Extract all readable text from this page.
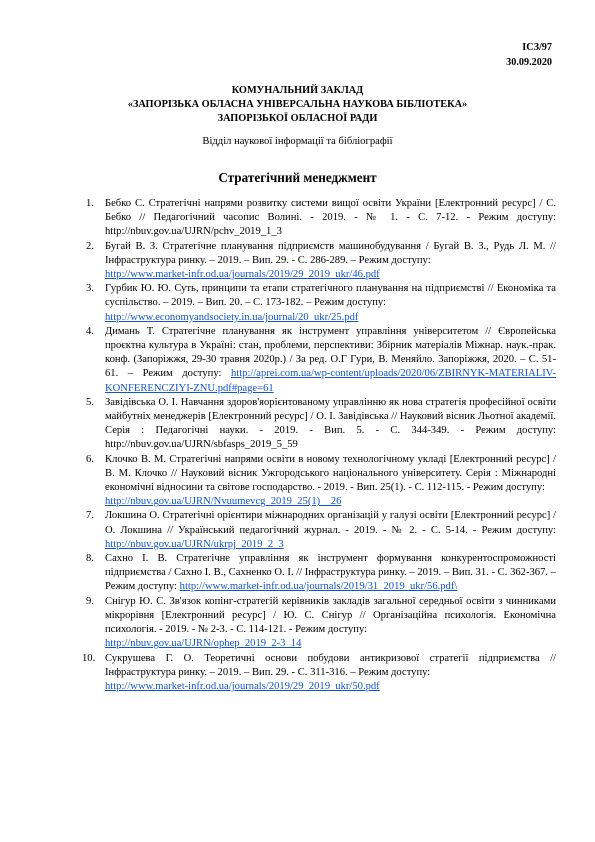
ІСЗ/97
30.09.2020
КОМУНАЛЬНИЙ ЗАКЛАД
«ЗАПОРІЗЬКА ОБЛАСНА УНІВЕРСАЛЬНА НАУКОВА БІБЛІОТЕКА»
ЗАПОРІЗЬКОЇ ОБЛАСНОЇ РАДИ
Відділ наукової інформації та бібліографії
Стратегічний менеджмент
1.	Бебко С. Стратегічні напрями розвитку системи вищої освіти України [Електронний ресурс] / С. Бебко // Педагогічний часопис Волині. - 2019. - № 1. - С. 7-12. - Режим доступу: http://nbuv.gov.ua/UJRN/pchv_2019_1_3
2.	Бугай В. З. Стратегічне планування підприємств машинобудування / Бугай В. З., Рудь Л. М. // Інфраструктура ринку. – 2019. – Вип. 29. - С. 286-289. – Режим доступу:
http://www.market-infr.od.ua/journals/2019/29_2019_ukr/46.pdf
3.	Гурбик Ю. Ю. Суть, принципи та етапи стратегічного планування на підприємстві // Економіка та суспільство. – 2019. – Вип. 20. – С. 173-182. – Режим доступу:
http://www.economyandsociety.in.ua/journal/20_ukr/25.pdf
4.	Димань Т. Стратегічне планування як інструмент управління університетом // Європейська проєктна культура в Україні: стан, проблеми, перспективи: Збірник матеріалів Міжнар. наук.-прак. конф. (Запоріжжя, 29-30 травня 2020р.) / За ред. О.Г Гури, В. Меняйло. Запоріжжя, 2020. – С. 51-61. – Режим доступу: http://aprei.com.ua/wp-content/uploads/2020/06/ZBIRNYK-MATERIALIV-KONFERENCZIYI-ZNU.pdf#page=61
5.	Завідівська О. І. Навчання здоров'яорієнтованому управлінню як нова стратегія професійної освіти майбутніх менеджерів [Електронний ресурс] / О. І. Завідівська // Науковий вісник Льотної академії. Серія : Педагогічні науки. - 2019. - Вип. 5. - С. 344-349. - Режим доступу: http://nbuv.gov.ua/UJRN/sbfasps_2019_5_59
6.	Клочко В. М. Стратегічні напрями освіти в новому технологічному укладі [Електронний ресурс] / В. М. Клочко // Науковий вісник Ужгородського національного університету. Серія : Міжнародні економічні відносини та світове господарство. - 2019. - Вип. 25(1). - С. 112-115. - Режим доступу:
http://nbuv.gov.ua/UJRN/Nvuumevcg_2019_25(1)__26
7.	Локшина О. Стратегічні орієнтири міжнародних організацій у галузі освіти [Електронний ресурс] / О. Локшина // Український педагогічний журнал. - 2019. - № 2. - С. 5-14. - Режим доступу: http://nbuv.gov.ua/UJRN/ukrpj_2019_2_3
8.	Сахно І. В. Стратегічне управління як інструмент формування конкурентоспроможності підприємства / Сахно І. В., Сахненко О. І. // Інфраструктура ринку. – 2019. – Вип. 31. - С. 362-367. – Режим доступу: http://www.market-infr.od.ua/journals/2019/31_2019_ukr/56.pdf\
9.	Снігур Ю. С. Зв'язок копінг-стратегій керівників закладів загальної середньої освіти з чинниками мікрорівня [Електронний ресурс] / Ю. С. Снігур // Організаційна психологія. Економічна психологія. - 2019. - № 2-3. - С. 114-121. - Режим доступу:
http://nbuv.gov.ua/UJRN/ophep_2019_2-3_14
10. Сукрушева Г. О. Теоретичні основи побудови антикризової стратегії підприємства // Інфраструктура ринку. – 2019. – Вип. 29. - С. 311-316. – Режим доступу:
http://www.market-infr.od.ua/journals/2019/29_2019_ukr/50.pdf
